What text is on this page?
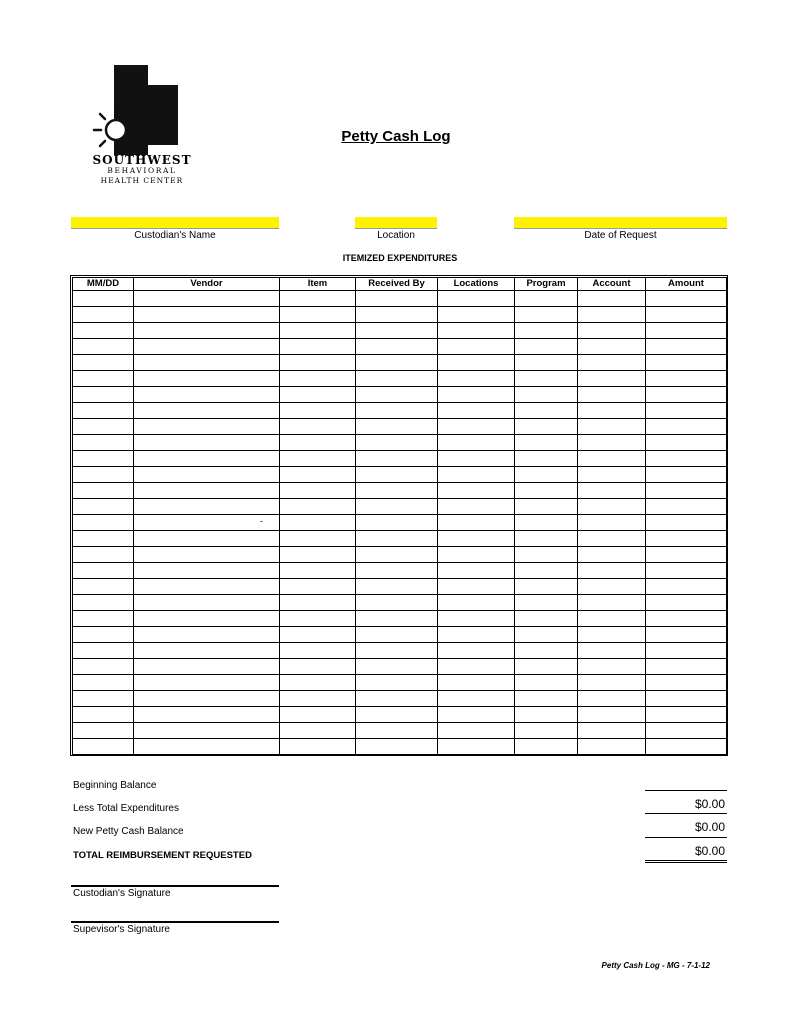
SOUTHWEST
BEHAVIORAL
HEALTH CENTER
Petty Cash Log
Custodian's Name	Location	Date of Request
ITEMIZED EXPENDITURES
MM/DD	Vendor	Item	Received By	Locations	Program	Account	Amount

	-						

Beginning Balance
Less Total Expenditures	$0.00
New Petty Cash Balance	$0.00
TOTAL REIMBURSEMENT REQUESTED	$0.00
Custodian's Signature
Supevisor's Signature
Petty Cash Log - MG - 7-1-12
